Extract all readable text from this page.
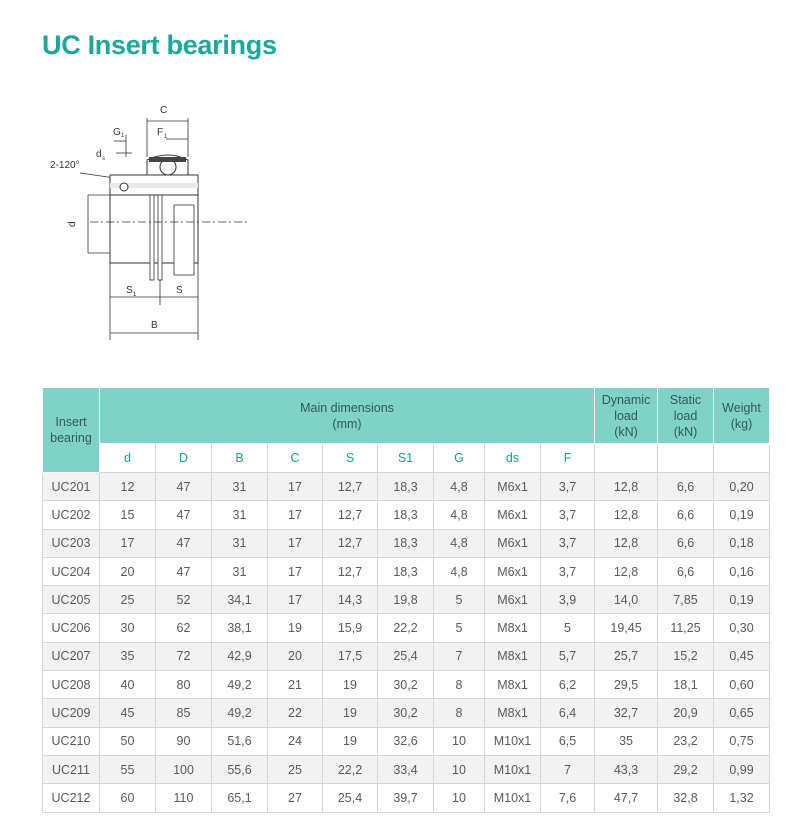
UC Insert bearings
C
F 1
G 1
d s
2-120°
d
S 1	S
B
Insert
bearing	Main dimensions
(mm)									Dynamic
load
(kN)	Static
load
(kN)	Weight
(kg)

	d	D	B	C	S	S1	G	ds	F			
UC201	12	47	31	17	12,7	18,3	4,8	M6x1	3,7	12,8	6,6	0,20
UC202	15	47	31	17	12,7	18,3	4,8	M6x1	3,7	12,8	6,6	0,19
UC203	17	47	31	17	12,7	18,3	4,8	M6x1	3,7	12,8	6,6	0,18
UC204	20	47	31	17	12,7	18,3	4,8	M6x1	3,7	12,8	6,6	0,16
UC205	25	52	34,1	17	14,3	19,8	5	M6x1	3,9	14,0	7,85	0,19
UC206	30	62	38,1	19	15,9	22,2	5	M8x1	5	19,45	11,25	0,30
UC207	35	72	42,9	20	17,5	25,4	7	M8x1	5,7	25,7	15,2	0,45
UC208	40	80	49,2	21	19	30,2	8	M8x1	6,2	29,5	18,1	0,60
UC209	45	85	49,2	22	19	30,2	8	M8x1	6,4	32,7	20,9	0,65
UC210	50	90	51,6	24	19	32,6	10	M10x1	6,5	35	23,2	0,75
UC211	55	100	55,6	25	22,2	33,4	10	M10x1	7	43,3	29,2	0,99
UC212	60	110	65,1	27	25,4	39,7	10	M10x1	7,6	47,7	32,8	1,32
